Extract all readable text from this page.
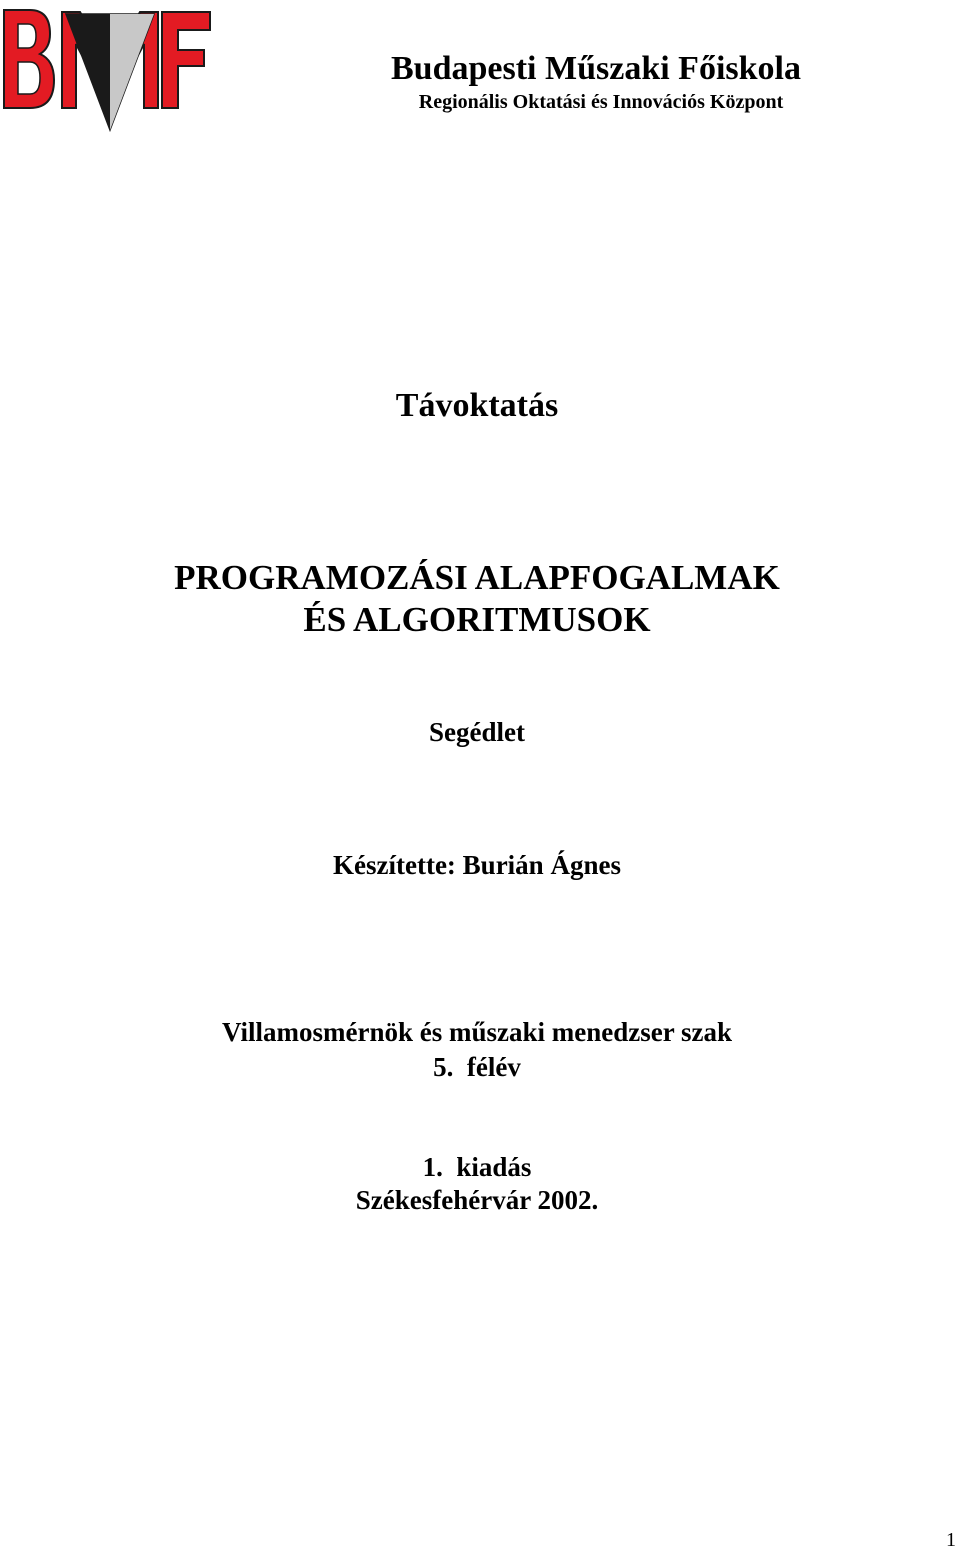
Budapesti Műszaki Főiskola
Regionális Oktatási és Innovációs Központ
Távoktatás
PROGRAMOZÁSI ALAPFOGALMAK
ÉS ALGORITMUSOK
Segédlet
Készítette: Burián Ágnes
Villamosmérnök és műszaki menedzser szak
5.  félév
1.  kiadás
Székesfehérvár 2002.
1
